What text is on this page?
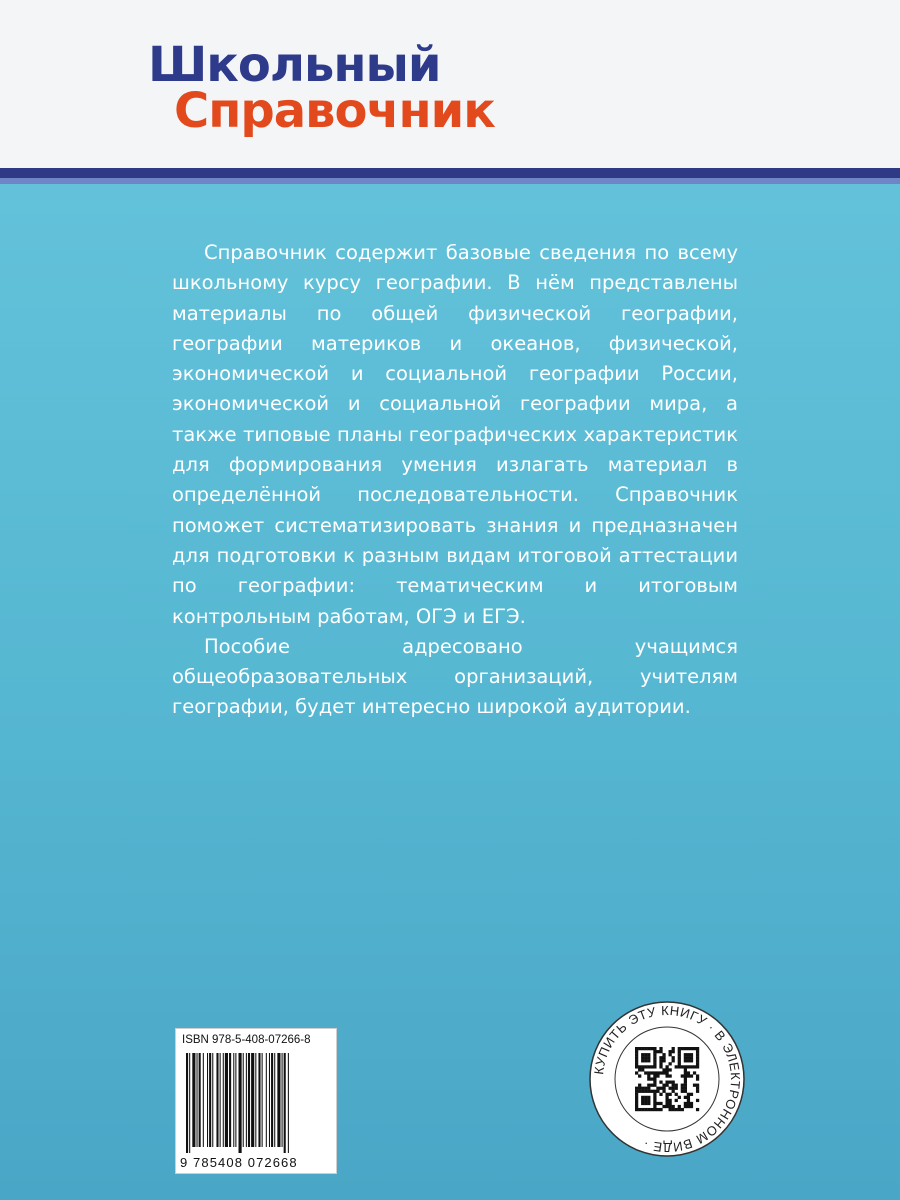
Школьный
Справочник

Справочник содержит базовые сведения по всему школьному курсу географии. В нём представлены материалы по общей физической географии, географии материков и океанов, физической, экономической и социальной географии России, экономической и социальной географии мира, а также типовые планы географических характеристик для формирования умения излагать материал в определённой последовательности. Справочник поможет систематизировать знания и предназначен для подготовки к разным видам итоговой аттестации по географии: тематическим и итоговым контрольным работам, ОГЭ и ЕГЭ.

Пособие адресовано учащимся общеобразовательных организаций, учителям географии, будет интересно широкой аудитории.

ISBN 978-5-408-07266-8
9 785408 072668
КУПИТЬ ЭТУ КНИГУ · В ЭЛЕКТРОННОМ ВИДЕ ·
